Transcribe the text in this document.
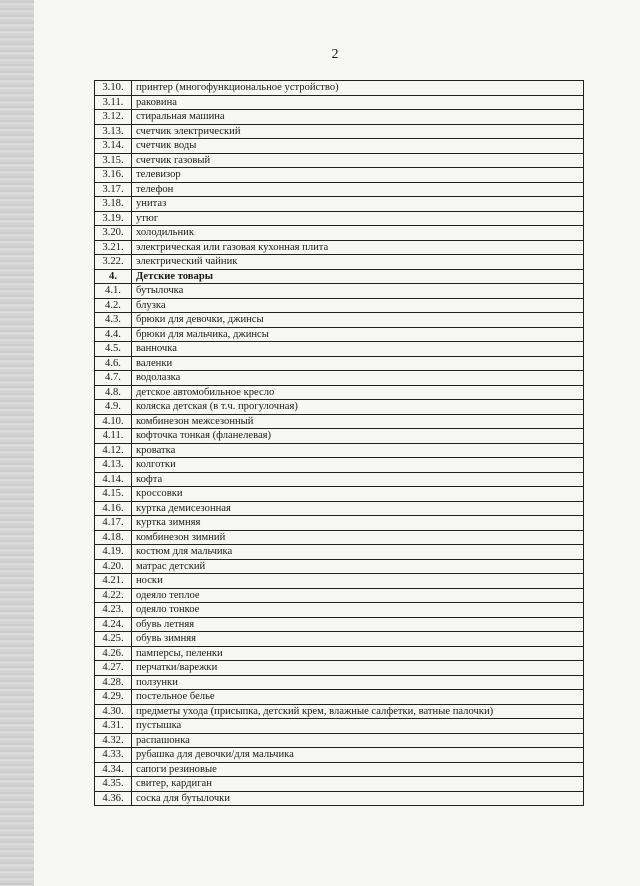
2
3.10.	принтер (многофункциональное устройство)
3.11.	раковина
3.12.	стиральная машина
3.13.	счетчик электрический
3.14.	счетчик воды
3.15.	счетчик газовый
3.16.	телевизор
3.17.	телефон
3.18.	унитаз
3.19.	утюг
3.20.	холодильник
3.21.	электрическая или газовая кухонная плита
3.22.	электрический чайник
4.	Детские товары
4.1.	бутылочка
4.2.	блузка
4.3.	брюки для девочки, джинсы
4.4.	брюки для мальчика, джинсы
4.5.	ванночка
4.6.	валенки
4.7.	водолазка
4.8.	детское автомобильное кресло
4.9.	коляска детская (в т.ч. прогулочная)
4.10.	комбинезон межсезонный
4.11.	кофточка тонкая (фланелевая)
4.12.	кроватка
4.13.	колготки
4.14.	кофта
4.15.	кроссовки
4.16.	куртка демисезонная
4.17.	куртка зимняя
4.18.	комбинезон зимний
4.19.	костюм для мальчика
4.20.	матрас детский
4.21.	носки
4.22.	одеяло теплое
4.23.	одеяло тонкое
4.24.	обувь летняя
4.25.	обувь зимняя
4.26.	памперсы, пеленки
4.27.	перчатки/варежки
4.28.	ползунки
4.29.	постельное белье
4.30.	предметы ухода (присыпка, детский крем, влажные салфетки, ватные палочки)
4.31.	пустышка
4.32.	распашонка
4.33.	рубашка для девочки/для мальчика
4.34.	сапоги резиновые
4.35.	свитер, кардиган
4.36.	соска для бутылочки
